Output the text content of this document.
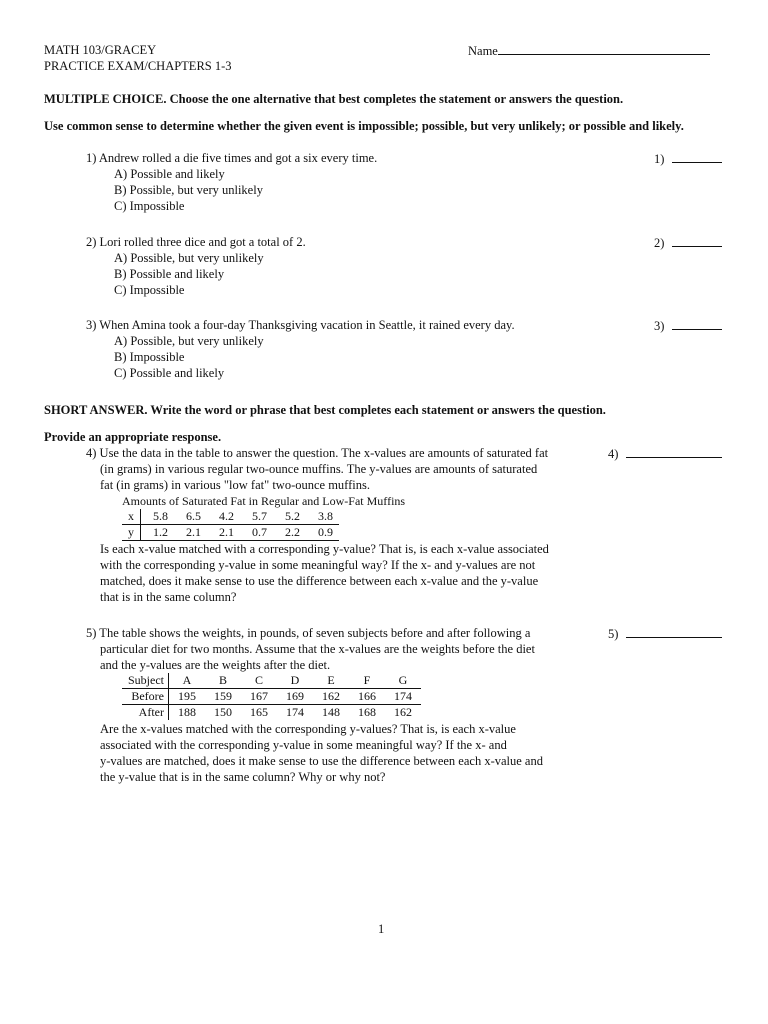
MATH 103/GRACEY
PRACTICE EXAM/CHAPTERS 1-3
Name
MULTIPLE CHOICE. Choose the one alternative that best completes the statement or answers the question.
Use common sense to determine whether the given event is impossible; possible, but very unlikely; or possible and likely.
1) Andrew rolled a die five times and got a six every time.	1)
A) Possible and likely
B) Possible, but very unlikely
C) Impossible
2) Lori rolled three dice and got a total of 2.	2)
A) Possible, but very unlikely
B) Possible and likely
C) Impossible
3) When Amina took a four-day Thanksgiving vacation in Seattle, it rained every day.	3)
A) Possible, but very unlikely
B) Impossible
C) Possible and likely
SHORT ANSWER. Write the word or phrase that best completes each statement or answers the question.
Provide an appropriate response.
4) Use the data in the table to answer the question. The x-values are amounts of saturated fat
(in grams) in various regular two-ounce muffins. The y-values are amounts of saturated
fat (in grams) in various "low fat" two-ounce muffins.
4)
Amounts of Saturated Fat in Regular and Low-Fat Muffins
x	5.8	6.5	4.2	5.7	5.2	3.8
y	1.2	2.1	2.1	0.7	2.2	0.9
Is each x-value matched with a corresponding y-value? That is, is each x-value associated
with the corresponding y-value in some meaningful way? If the x- and y-values are not
matched, does it make sense to use the difference between each x-value and the y-value
that is in the same column?
5) The table shows the weights, in pounds, of seven subjects before and after following a
particular diet for two months. Assume that the x-values are the weights before the diet
and the y-values are the weights after the diet.
5)
Subject	A	B	C	D	E	F	G
Before	195	159	167	169	162	166	174
After	188	150	165	174	148	168	162
Are the x-values matched with the corresponding y-values? That is, is each x-value
associated with the corresponding y-value in some meaningful way? If the x- and
y-values are matched, does it make sense to use the difference between each x-value and
the y-value that is in the same column? Why or why not?
1
